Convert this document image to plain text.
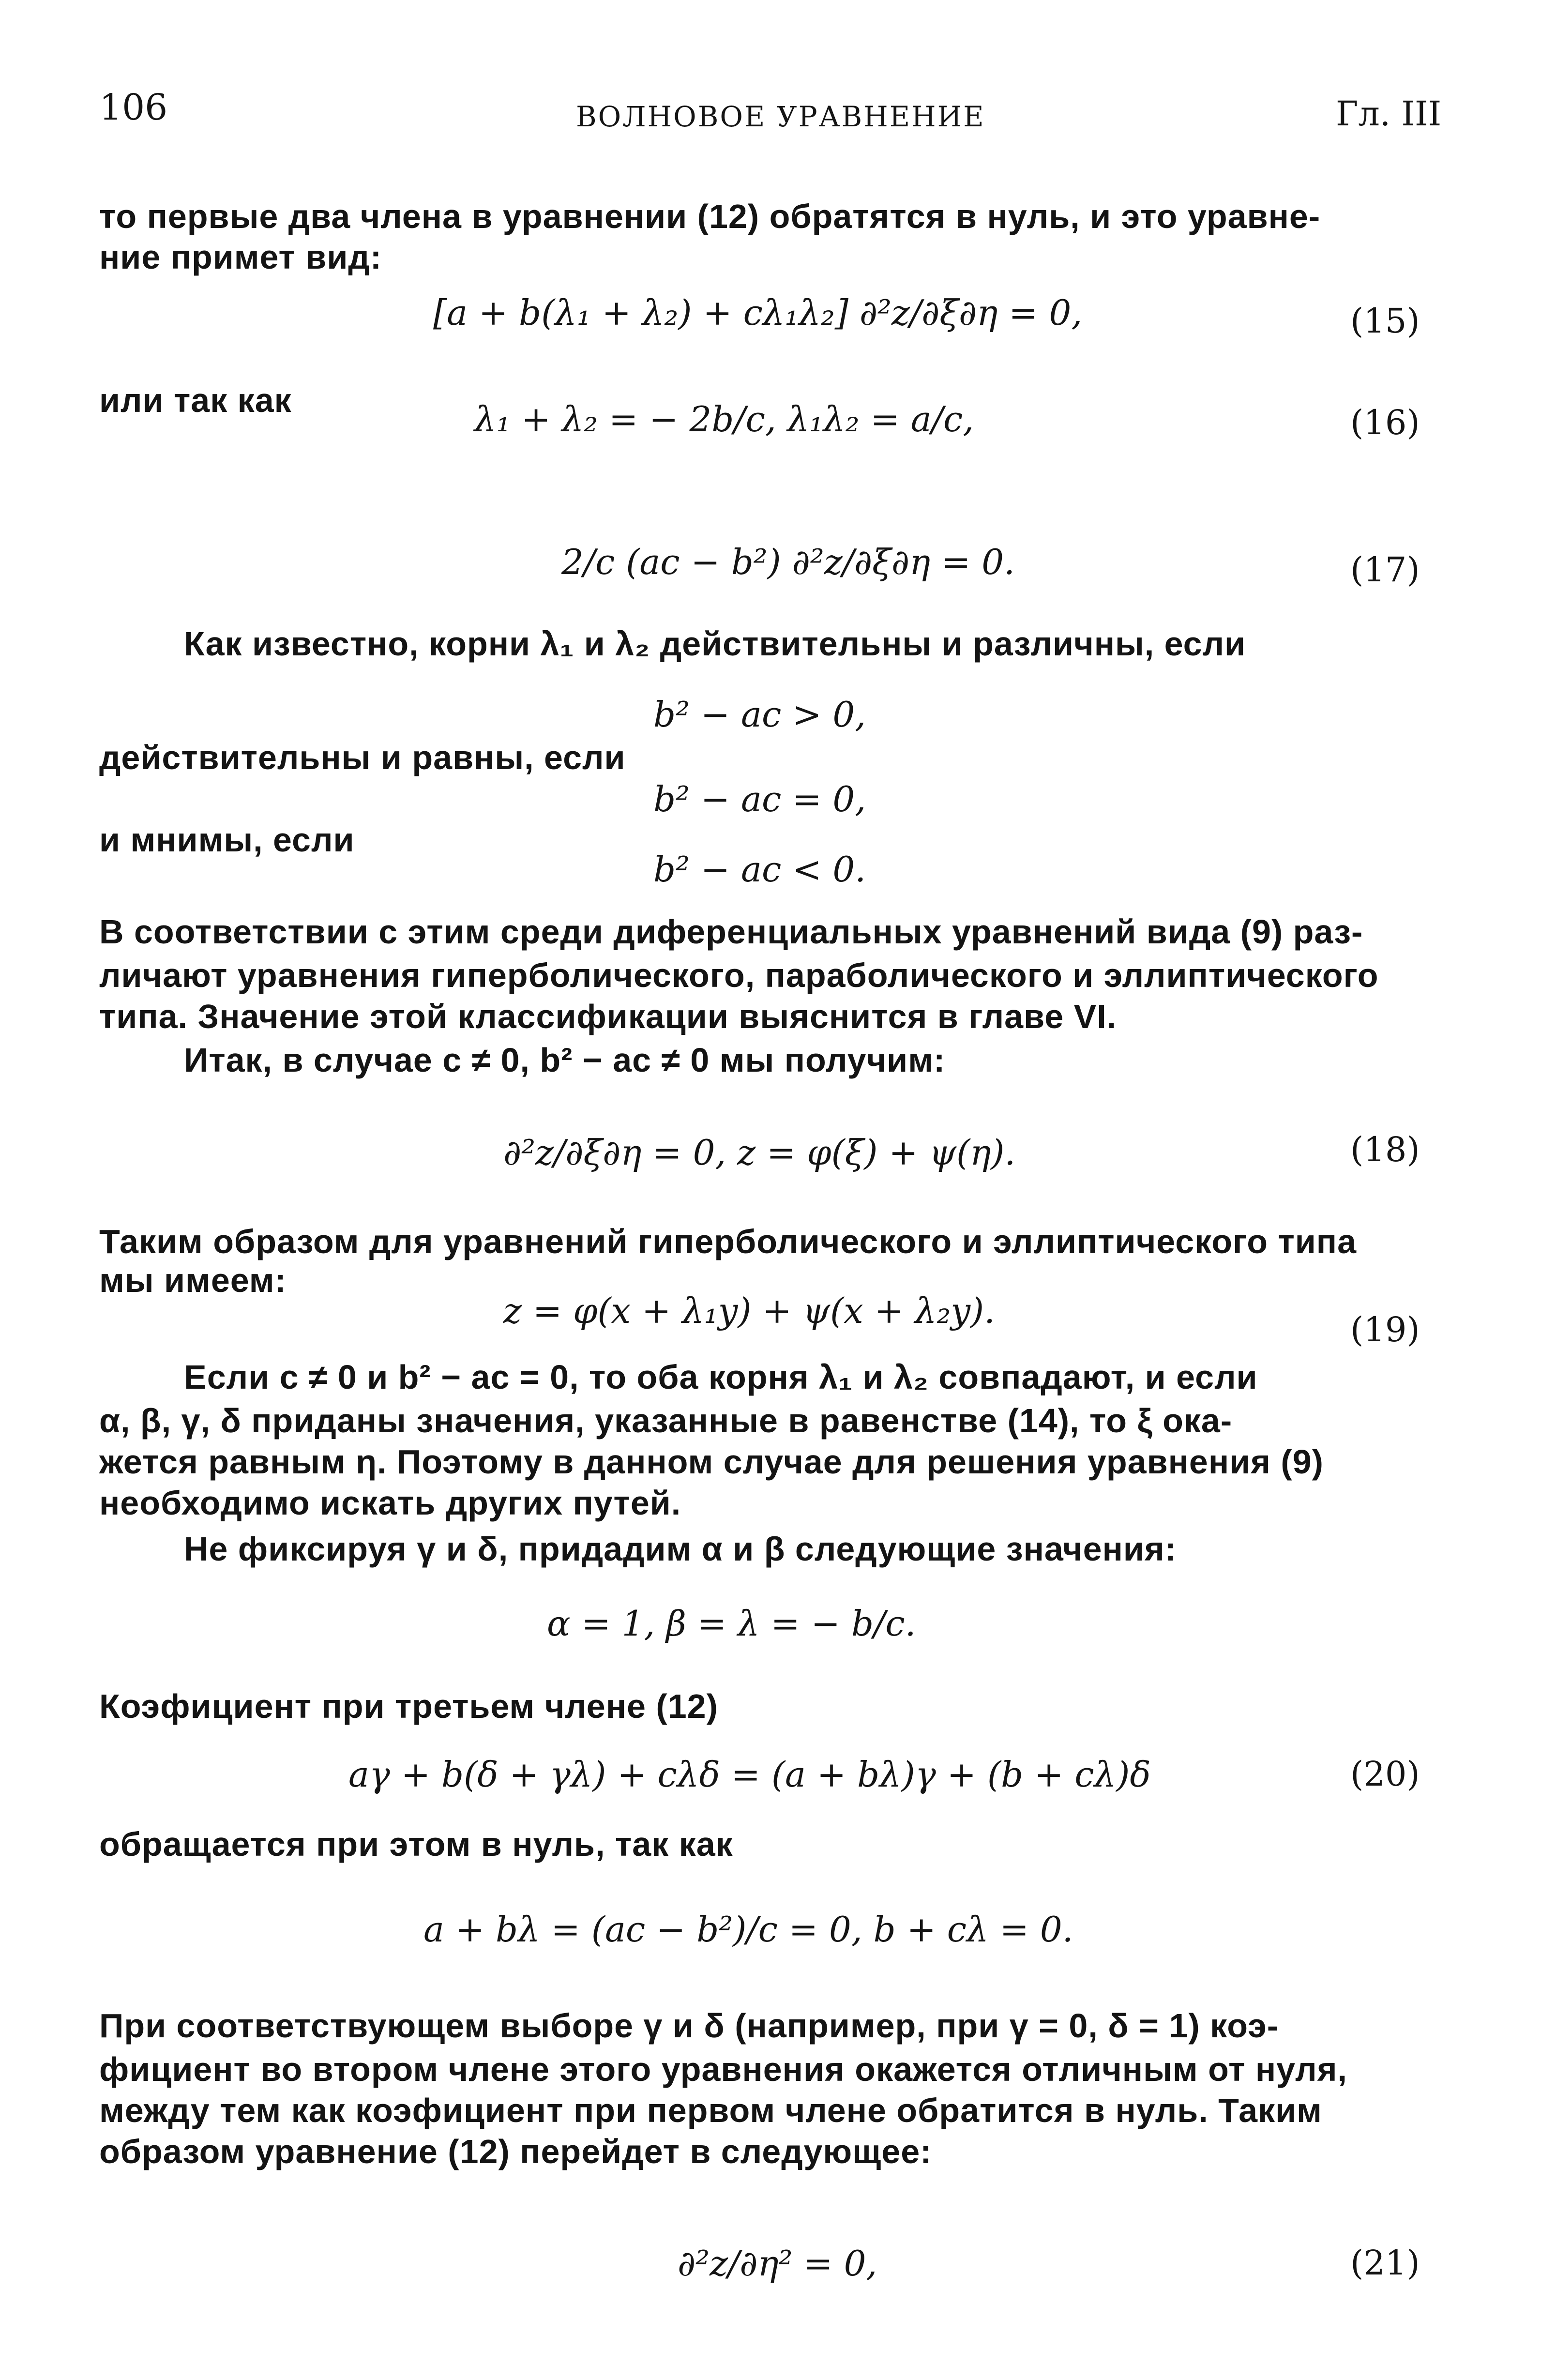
106	ВОЛНОВОЕ УРАВНЕНИЕ	Гл. III
то первые два члена в уравнении (12) обратятся в нуль, и это уравне-
ние примет вид:
[a + b(λ₁ + λ₂) + cλ₁λ₂] ∂²z/∂ξ∂η = 0,	(15)
или так как	λ₁ + λ₂ = − 2b/c, λ₁λ₂ = a/c,	(16)
2/c (ac − b²) ∂²z/∂ξ∂η = 0.	(17)
Как известно, корни λ₁ и λ₂ действительны и различны, если
b² − ac > 0,
действительны и равны, если
b² − ac = 0,
и мнимы, если
b² − ac < 0.
В соответствии с этим среди диференциальных уравнений вида (9) раз-
личают уравнения гиперболического, параболического и эллиптического
типа. Значение этой классификации выяснится в главе VI.
Итак, в случае c ≠ 0, b² − ac ≠ 0 мы получим:
∂²z/∂ξ∂η = 0, z = φ(ξ) + ψ(η).	(18)
Таким образом для уравнений гиперболического и эллиптического типа
мы имеем:
z = φ(x + λ₁y) + ψ(x + λ₂y).	(19)
Если c ≠ 0 и b² − ac = 0, то оба корня λ₁ и λ₂ совпадают, и если
α, β, γ, δ приданы значения, указанные в равенстве (14), то ξ ока-
жется равным η. Поэтому в данном случае для решения уравнения (9)
необходимо искать других путей.
Не фиксируя γ и δ, придадим α и β следующие значения:
α = 1, β = λ = − b/c.
Коэфициент при третьем члене (12)
aγ + b(δ + γλ) + cλδ = (a + bλ)γ + (b + cλ)δ	(20)
обращается при этом в нуль, так как
a + bλ = (ac − b²)/c = 0, b + cλ = 0.
При соответствующем выборе γ и δ (например, при γ = 0, δ = 1) коэ-
фициент во втором члене этого уравнения окажется отличным от нуля,
между тем как коэфициент при первом члене обратится в нуль. Таким
образом уравнение (12) перейдет в следующее:
∂²z/∂η² = 0,	(21)
